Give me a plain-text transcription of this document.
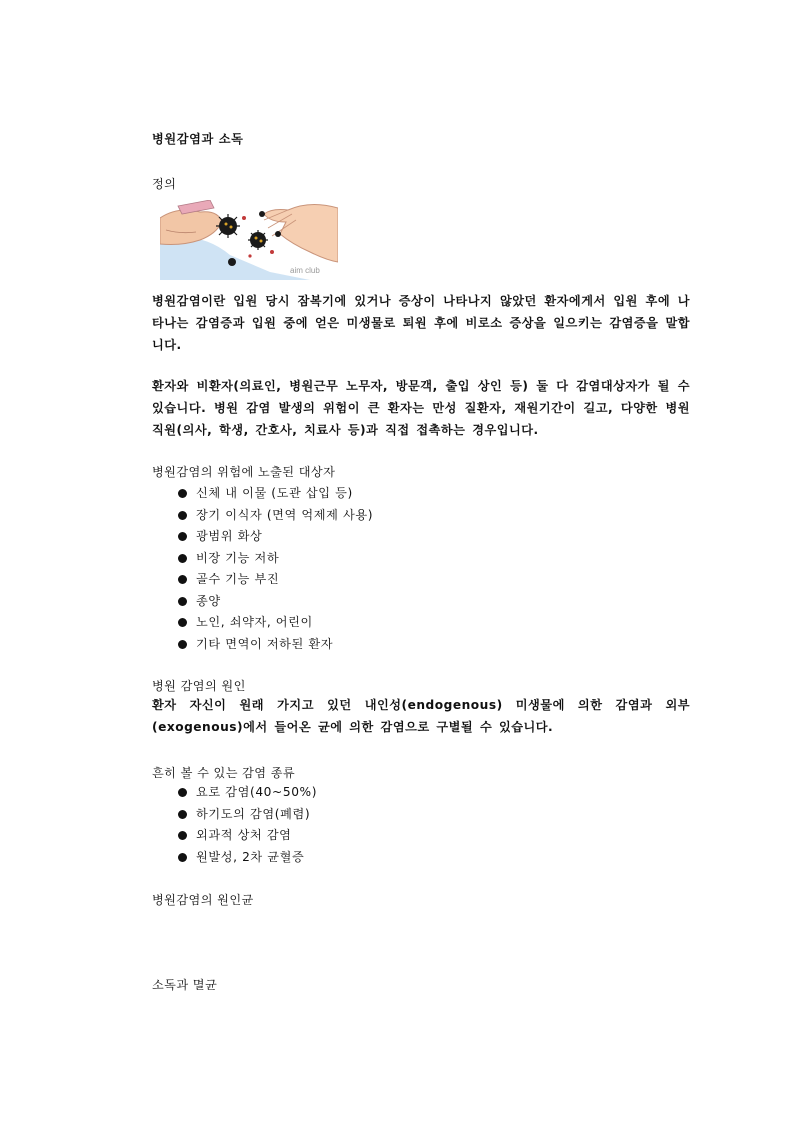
병원감염과 소독
정의
aim club
병원감염이란 입원 당시 잠복기에 있거나 증상이 나타나지 않았던 환자에게서 입원 후에 나타나는 감염증과 입원 중에 얻은 미생물로 퇴원 후에 비로소 증상을 일으키는 감염증을 말합니다.
환자와 비환자(의료인, 병원근무 노무자, 방문객, 출입 상인 등) 둘 다 감염대상자가 될 수 있습니다. 병원 감염 발생의 위험이 큰 환자는 만성 질환자, 재원기간이 길고, 다양한 병원직원(의사, 학생, 간호사, 치료사 등)과 직접 접촉하는 경우입니다.
병원감염의 위험에 노출된 대상자
신체 내 이물 (도관 삽입 등)
장기 이식자 (면역 억제제 사용)
광범위 화상
비장 기능 저하
골수 기능 부진
종양
노인, 쇠약자, 어린이
기타 면역이 저하된 환자
병원 감염의 원인
환자 자신이 원래 가지고 있던 내인성(endogenous) 미생물에 의한 감염과 외부(exogenous)에서 들어온 균에 의한 감염으로 구별될 수 있습니다.
흔히 볼 수 있는 감염 종류
요로 감염(40~50%)
하기도의 감염(폐렴)
외과적 상처 감염
원발성, 2차 균혈증
병원감염의 원인균
소독과 멸균
